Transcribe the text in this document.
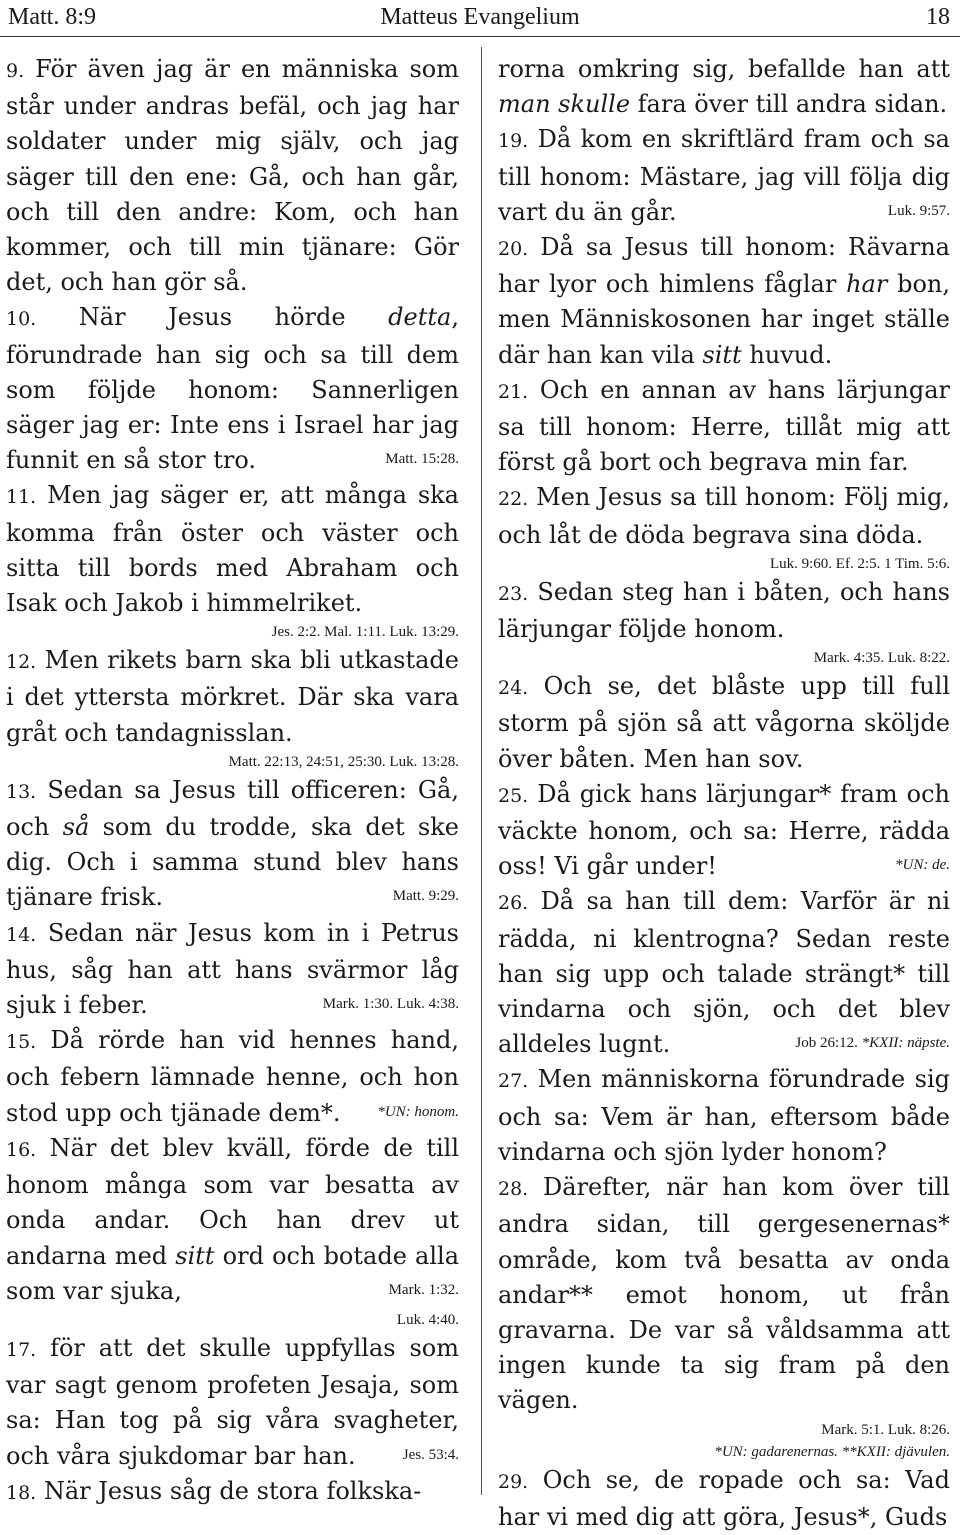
Matteus Evangelium
Matt. 8:9	18

9. För även jag är en människa som står under andras befäl, och jag har soldater under mig själv, och jag säger till den ene: Gå, och han går, och till den andre: Kom, och han kommer, och till min tjänare: Gör det, och han gör så.

10. När Jesus hörde detta, förundrade han sig och sa till dem som följde honom: Sannerligen säger jag er: Inte ens i Israel har jag funnit en så stor tro.	Matt. 15:28.

11. Men jag säger er, att många ska komma från öster och väster och sitta till bords med Abraham och Isak och Jakob i himmelriket.

Jes. 2:2. Mal. 1:11. Luk. 13:29.

12. Men rikets barn ska bli utkastade i det yttersta mörkret. Där ska vara gråt och tandagnisslan.

Matt. 22:13, 24:51, 25:30. Luk. 13:28.

13. Sedan sa Jesus till officeren: Gå, och så som du trodde, ska det ske dig. Och i samma stund blev hans tjänare frisk.	Matt. 9:29.

14. Sedan när Jesus kom in i Petrus hus, såg han att hans svärmor låg sjuk i feber.	Mark. 1:30. Luk. 4:38.

15. Då rörde han vid hennes hand, och febern lämnade henne, och hon stod upp och tjänade dem*. *UN: honom.

16. När det blev kväll, förde de till honom många som var besatta av onda andar. Och han drev ut andarna med sitt ord och botade alla som var sjuka,	Mark. 1:32.

Luk. 4:40.

17. för att det skulle uppfyllas som var sagt genom profeten Jesaja, som sa: Han tog på sig våra svagheter, och våra sjukdomar bar han.	Jes. 53:4.

18. När Jesus såg de stora folkska-

rorna omkring sig, befallde han att man skulle fara över till andra sidan.

19. Då kom en skriftlärd fram och sa till honom: Mästare, jag vill följa dig vart du än går.	Luk. 9:57.

20. Då sa Jesus till honom: Rävarna har lyor och himlens fåglar har bon, men Människosonen har inget ställe där han kan vila sitt huvud.

21. Och en annan av hans lärjungar sa till honom: Herre, tillåt mig att först gå bort och begrava min far.

22. Men Jesus sa till honom: Följ mig, och låt de döda begrava sina döda.

Luk. 9:60. Ef. 2:5. 1 Tim. 5:6.

23. Sedan steg han i båten, och hans lärjungar följde honom.

Mark. 4:35. Luk. 8:22.

24. Och se, det blåste upp till full storm på sjön så att vågorna sköljde över båten. Men han sov.

25. Då gick hans lärjungar* fram och väckte honom, och sa: Herre, rädda oss! Vi går under!	*UN: de.

26. Då sa han till dem: Varför är ni rädda, ni klentrogna? Sedan reste han sig upp och talade strängt* till vindarna och sjön, och det blev alldeles lugnt.	Job 26:12. *KXII: näpste.

27. Men människorna förundrade sig och sa: Vem är han, eftersom både vindarna och sjön lyder honom?

28. Därefter, när han kom över till andra sidan, till gergesenernas* område, kom två besatta av onda andar** emot honom, ut från gravarna. De var så våldsamma att ingen kunde ta sig fram på den vägen.

Mark. 5:1. Luk. 8:26.

*UN: gadarenernas. **KXII: djävulen.

29. Och se, de ropade och sa: Vad har vi med dig att göra, Jesus*, Guds
